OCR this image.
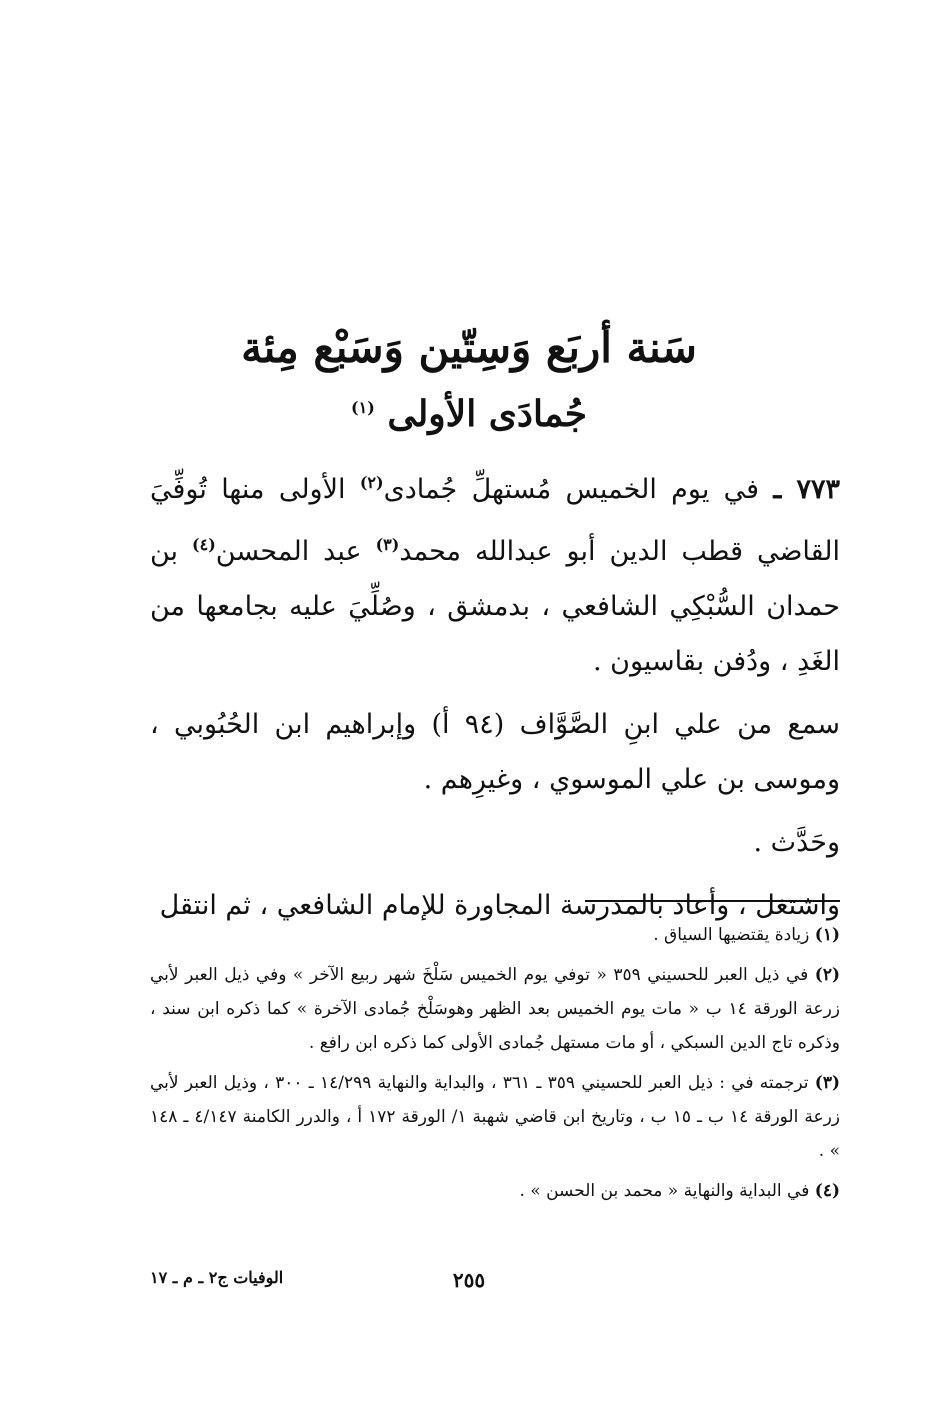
سَنة أربَع وَسِتّين وَسَبْع مِئة
جُمادَى الأولى $^{(١)}$

٧٧٣ ـ في يوم الخميس مُستهلِّ جُمادى$^{(٢)}$ الأولى منها تُوفِّيَ القاضي قطب الدين أبو عبدالله محمد$^{(٣)}$ عبد المحسن$^{(٤)}$ بن حمدان السُّبْكِي الشافعي ، بدمشق ، وصُلِّيَ عليه بجامعها من الغَدِ ، ودُفن بقاسيون .

سمع من علي ابنِ الصَّوَّاف (٩٤ أ) وإبراهيم ابن الحُبُوبي ، وموسى بن علي الموسوي ، وغيرِهم .

وحَدَّث .

واشتغل ، وأعاد بالمدرسة المجاورة للإمام الشافعي ، ثم انتقل

(١) زيادة يقتضيها السياق .

(٢) في ذيل العبر للحسيني ٣٥٩ « توفي يوم الخميس سَلْخَ شهر ربيع الآخر » وفي ذيل العبر لأبي زرعة الورقة ١٤ ب « مات يوم الخميس بعد الظهر وهوسَلْخ جُمادى الآخرة » كما ذكره ابن سند ، وذكره تاج الدين السبكي ، أو مات مستهل جُمادى الأولى كما ذكره ابن رافع .

(٣) ترجمته في : ذيل العبر للحسيني ٣٥٩ ـ ٣٦١ ، والبداية والنهاية ١٤/٢٩٩ ـ ٣٠٠ ، وذيل العبر لأبي زرعة الورقة ١٤ ب ـ ١٥ ب ، وتاريخ ابن قاضي شهبة ١/ الورقة ١٧٢ أ ، والدرر الكامنة ٤/١٤٧ ـ ١٤٨ » .

(٤) في البداية والنهاية « محمد بن الحسن » .

٢٥٥
الوفيات ج٢ ـ م ـ ١٧
